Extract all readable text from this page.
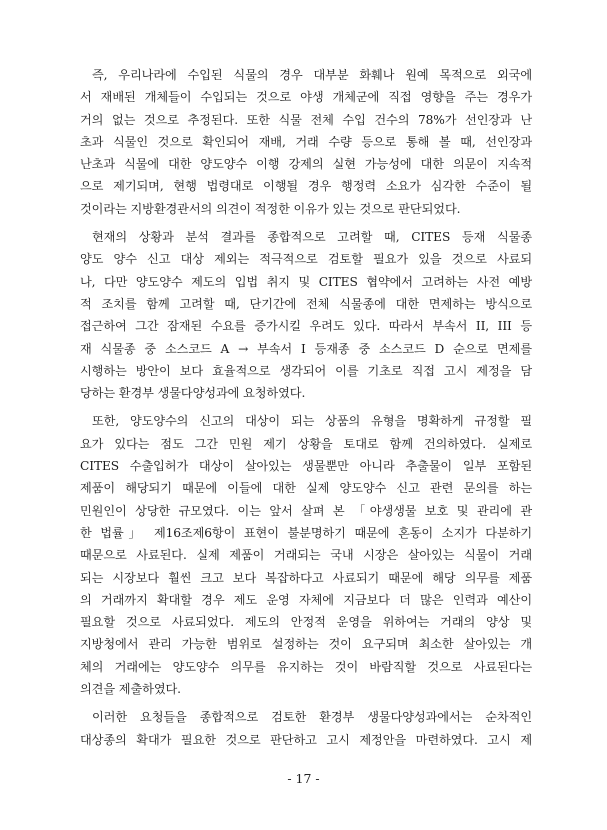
즉, 우리나라에 수입된 식물의 경우 대부분 화훼나 원예 목적으로 외국에
서 재배된 개체들이 수입되는 것으로 야생 개체군에 직접 영향을 주는 경우가
거의 없는 것으로 추정된다. 또한 식물 전체 수입 건수의 78%가 선인장과 난
초과 식물인 것으로 확인되어 재배, 거래 수량 등으로 통해 볼 때, 선인장과
난초과 식물에 대한 양도양수 이행 강제의 실현 가능성에 대한 의문이 지속적
으로 제기되며, 현행 법령대로 이행될 경우 행정력 소요가 심각한 수준이 될
것이라는 지방환경관서의 의견이 적정한 이유가 있는 것으로 판단되었다.
현재의 상황과 분석 결과를 종합적으로 고려할 때, CITES 등재 식물종
양도 양수 신고 대상 제외는 적극적으로 검토할 필요가 있을 것으로 사료되
나, 다만 양도양수 제도의 입법 취지 및 CITES 협약에서 고려하는 사전 예방
적 조치를 함께 고려할 때, 단기간에 전체 식물종에 대한 면제하는 방식으로
접근하여 그간 잠재된 수요를 증가시킬 우려도 있다. 따라서 부속서 II, III 등
재 식물종 중 소스코드 A → 부속서 I 등재종 중 소스코드 D 순으로 면제를
시행하는 방안이 보다 효율적으로 생각되어 이를 기초로 직접 고시 제정을 담
당하는 환경부 생물다양성과에 요청하였다.
또한, 양도양수의 신고의 대상이 되는 상품의 유형을 명확하게 규정할 필
요가 있다는 점도 그간 민원 제기 상황을 토대로 함께 건의하였다. 실제로
CITES 수출입허가 대상이 살아있는 생물뿐만 아니라 추출물이 일부 포함된
제품이 해당되기 때문에 이들에 대한 실제 양도양수 신고 관련 문의를 하는
민원인이 상당한 규모였다. 이는 앞서 살펴 본 「야생생물 보호 및 관리에 관
한 법률」 제16조제6항이 표현이 불분명하기 때문에 혼동이 소지가 다분하기
때문으로 사료된다. 실제 제품이 거래되는 국내 시장은 살아있는 식물이 거래
되는 시장보다 훨씬 크고 보다 복잡하다고 사료되기 때문에 해당 의무를 제품
의 거래까지 확대할 경우 제도 운영 자체에 지금보다 더 많은 인력과 예산이
필요할 것으로 사료되었다. 제도의 안정적 운영을 위하여는 거래의 양상 및
지방청에서 관리 가능한 범위로 설정하는 것이 요구되며 최소한 살아있는 개
체의 거래에는 양도양수 의무를 유지하는 것이 바람직할 것으로 사료된다는
의견을 제출하였다.
이러한 요청들을 종합적으로 검토한 환경부 생물다양성과에서는 순차적인
대상종의 확대가 필요한 것으로 판단하고 고시 제정안을 마련하였다. 고시 제
- 17 -
